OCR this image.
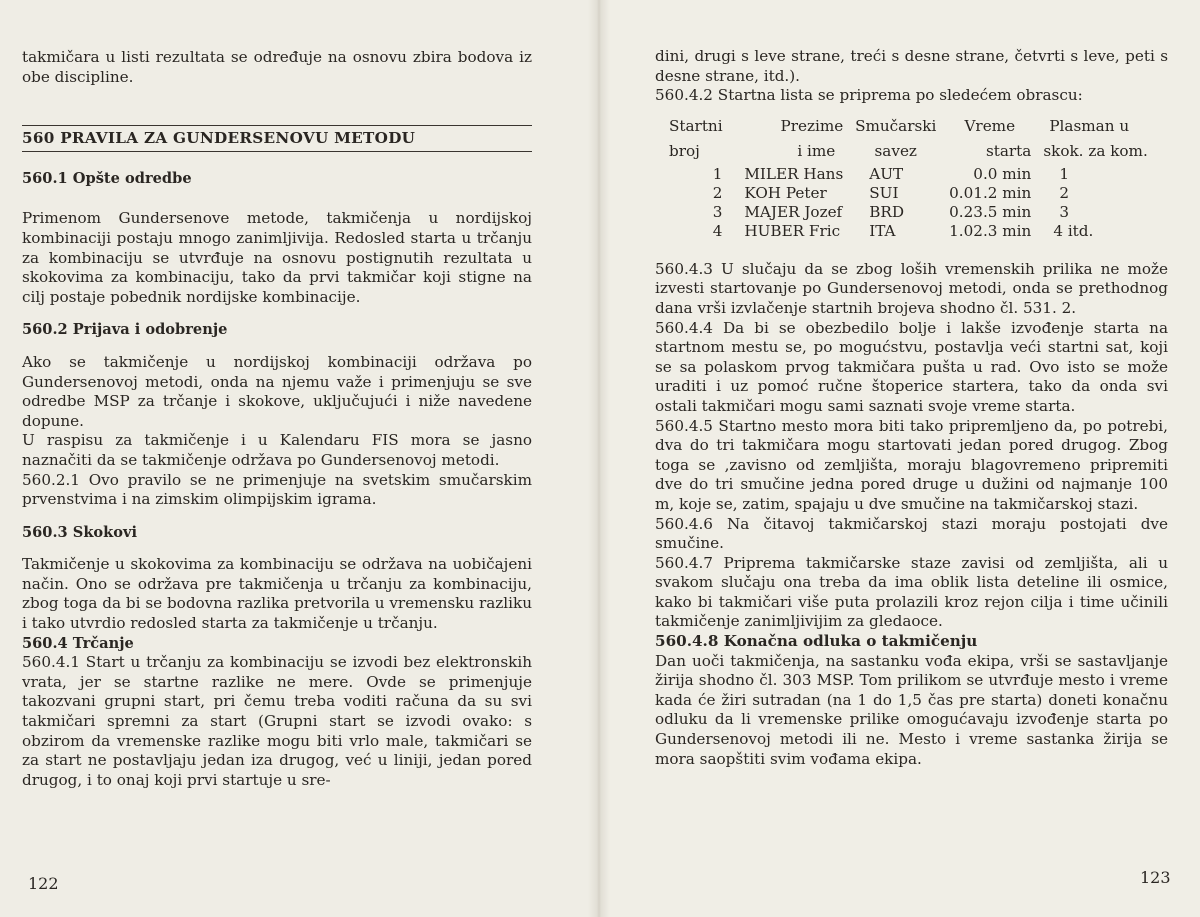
takmičara u listi rezultata se određuje na osnovu zbira bodova iz obe discipline.

560 PRAVILA ZA GUNDERSENOVU METODU
560.1 Opšte odredbe

Primenom Gundersenove metode, takmičenja u nordijskoj kombinaciji postaju mnogo zanimljivija. Redosled starta u trčanju za kombinaciju se utvrđuje na osnovu postignutih rezultata u skokovima za kombinaciju, tako da prvi takmičar koji stigne na cilj postaje pobednik nordijske kombinacije.

560.2 Prijava i odobrenje

Ako se takmičenje u nordijskoj kombinaciji održava po Gundersenovoj metodi, onda na njemu važe i primenjuju se sve odredbe MSP za trčanje i skokove, uključujući i niže navedene dopune.

U raspisu za takmičenje i u Kalendaru FIS mora se jasno naznačiti da se takmičenje održava po Gundersenovoj metodi.

560.2.1 Ovo pravilo se ne primenjuje na svetskim smučarskim prvenstvima i na zimskim olimpijskim igrama.

560.3 Skokovi

Takmičenje u skokovima za kombinaciju se održava na uobičajeni način. Ono se održava pre takmičenja u trčanju za kombinaciju, zbog toga da bi se bodovna razlika pretvorila u vremensku razliku i tako utvrdio redosled starta za takmičenje u trčanju.

560.4 Trčanje

560.4.1 Start u trčanju za kombinaciju se izvodi bez elektronskih vrata, jer se startne razlike ne mere. Ovde se primenjuje takozvani grupni start, pri čemu treba voditi računa da su svi takmičari spremni za start (Grupni start se izvodi ovako: s obzirom da vremenske razlike mogu biti vrlo male, takmičari se za start ne postavljaju jedan iza drugog, već u liniji, jedan pored drugog, i to onaj koji prvi startuje u sre-

122

dini, drugi s leve strane, treći s desne strane, četvrti s leve, peti s desne strane, itd.).

560.4.2 Startna lista se priprema po sledećem obrascu:

Startni	Prezime	Smučarski	Vreme	Plasman u
broj	i ime	savez	starta	skok. za kom.
1	MILER Hans	AUT	0.0 min	1
2	KOH Peter	SUI	0.01.2 min	2
3	MAJER Jozef	BRD	0.23.5 min	3
4	HUBER Fric	ITA	1.02.3 min	4 itd.

560.4.3 U slučaju da se zbog loših vremenskih prilika ne može izvesti startovanje po Gundersenovoj metodi, onda se prethodnog dana vrši izvlačenje startnih brojeva shodno čl. 531. 2.

560.4.4 Da bi se obezbedilo bolje i lakše izvođenje starta na startnom mestu se, po mogućstvu, postavlja veći startni sat, koji se sa polaskom prvog takmičara pušta u rad. Ovo isto se može uraditi i uz pomoć ručne štoperice startera, tako da onda svi ostali takmičari mogu sami saznati svoje vreme starta.

560.4.5 Startno mesto mora biti tako pripremljeno da, po potrebi, dva do tri takmičara mogu startovati jedan pored drugog. Zbog toga se ,zavisno od zemljišta, moraju blagovremeno pripremiti dve do tri smučine jedna pored druge u dužini od najmanje 100 m, koje se, zatim, spajaju u dve smučine na takmičarskoj stazi.

560.4.6 Na čitavoj takmičarskoj stazi moraju postojati dve smučine.

560.4.7 Priprema takmičarske staze zavisi od zemljišta, ali u svakom slučaju ona treba da ima oblik lista deteline ili osmice, kako bi takmičari više puta prolazili kroz rejon cilja i time učinili takmičenje zanimljivijim za gledaoce.

560.4.8 Konačna odluka o takmičenju

Dan uoči takmičenja, na sastanku vođa ekipa, vrši se sastavljanje žirija shodno čl. 303 MSP. Tom prilikom se utvrđuje mesto i vreme kada će žiri sutradan (na 1 do 1,5 čas pre starta) doneti konačnu odluku da li vremenske prilike omogućavaju izvođenje starta po Gundersenovoj metodi ili ne. Mesto i vreme sastanka žirija se mora saopštiti svim vođama ekipa.

123
